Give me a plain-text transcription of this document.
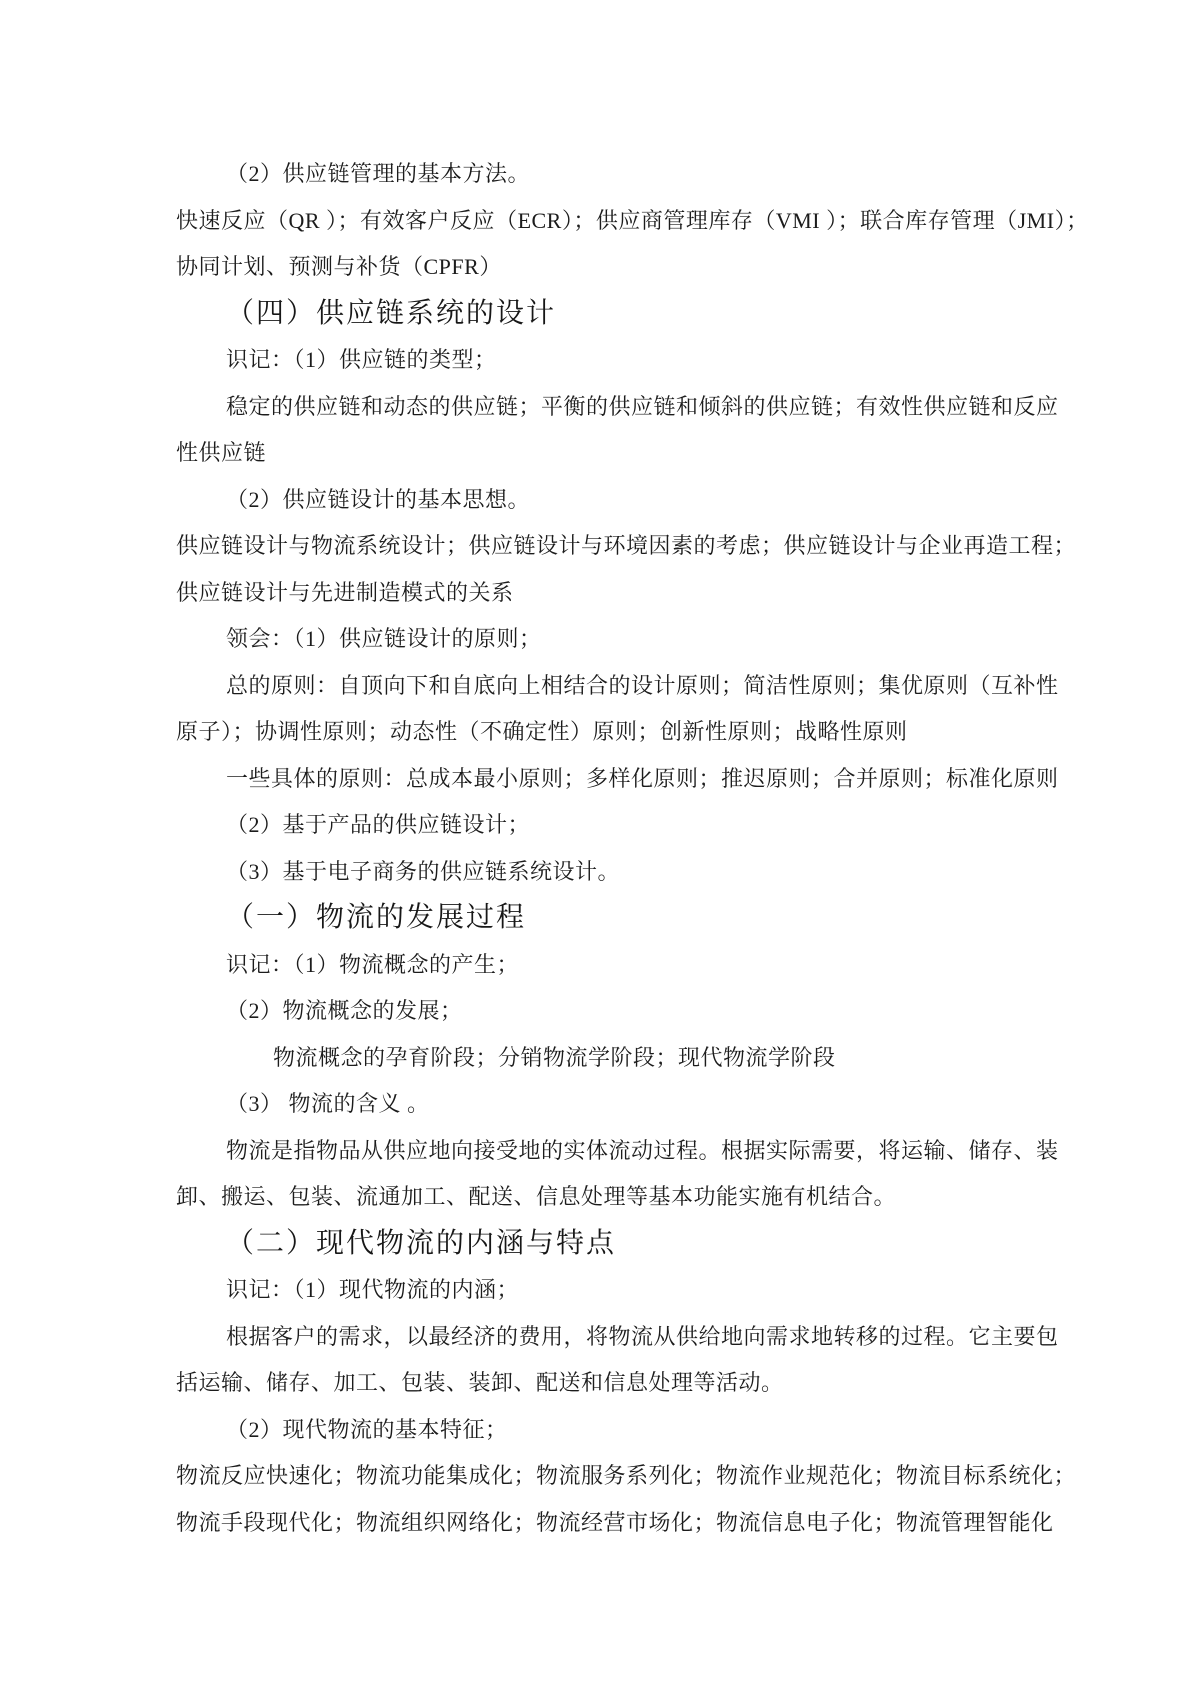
（2）供应链管理的基本方法。
快速反应（QR ）；有效客户反应（ECR）；供应商管理库存（VMI ）；联合库存管理（JMI）；
协同计划、预测与补货（CPFR）
（四）供应链系统的设计
识记：（1）供应链的类型；
稳定的供应链和动态的供应链；平衡的供应链和倾斜的供应链；有效性供应链和反应
性供应链
（2）供应链设计的基本思想。
供应链设计与物流系统设计；供应链设计与环境因素的考虑；供应链设计与企业再造工程；
供应链设计与先进制造模式的关系
领会：（1）供应链设计的原则；
总的原则：自顶向下和自底向上相结合的设计原则；简洁性原则；集优原则（互补性
原子）；协调性原则；动态性（不确定性）原则；创新性原则；战略性原则
一些具体的原则：总成本最小原则；多样化原则；推迟原则；合并原则；标准化原则
（2）基于产品的供应链设计；
（3）基于电子商务的供应链系统设计。
（一）物流的发展过程
识记：（1）物流概念的产生；
（2）物流概念的发展；
物流概念的孕育阶段；分销物流学阶段；现代物流学阶段
（3） 物流的含义 。
物流是指物品从供应地向接受地的实体流动过程。根据实际需要，将运输、储存、装
卸、搬运、包装、流通加工、配送、信息处理等基本功能实施有机结合。
（二）现代物流的内涵与特点
识记：（1）现代物流的内涵；
根据客户的需求，以最经济的费用，将物流从供给地向需求地转移的过程。它主要包
括运输、储存、加工、包装、装卸、配送和信息处理等活动。
（2）现代物流的基本特征；
物流反应快速化；物流功能集成化；物流服务系列化；物流作业规范化；物流目标系统化；
物流手段现代化；物流组织网络化；物流经营市场化；物流信息电子化；物流管理智能化
